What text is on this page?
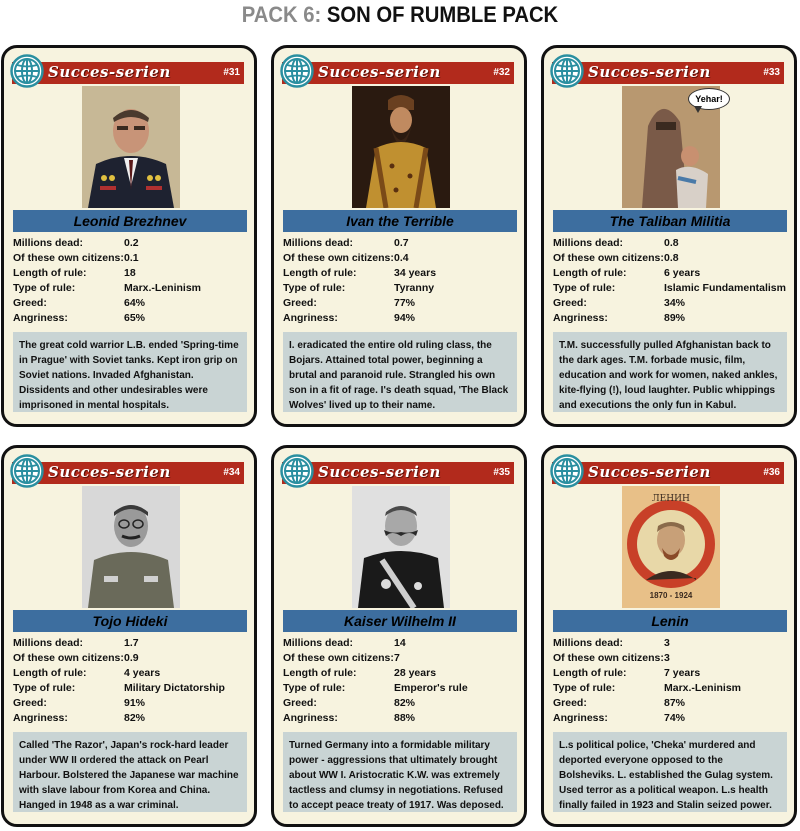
PACK 6: SON OF RUMBLE PACK
Succes-serien	#31
Leonid Brezhnev
Millions dead:	0.2
Of these own citizens: 0.1
Length of rule:	18
Type of rule:	Marx.-Leninism
Greed:	64%
Angriness:	65%
The great cold warrior L.B. ended 'Spring-time in Prague' with Soviet tanks. Kept iron grip on Soviet nations. Invaded Afghanistan. Dissidents and other undesirables were imprisoned in mental hospitals.
Succes-serien	#32
Ivan the Terrible
Millions dead:	0.7
Of these own citizens: 0.4
Length of rule:	34 years
Type of rule:	Tyranny
Greed:	77%
Angriness:	94%
I. eradicated the entire old ruling class, the Bojars. Attained total power, beginning a brutal and paranoid rule. Strangled his own son in a fit of rage. I's death squad, 'The Black Wolves' lived up to their name.
Succes-serien	#33
Yehar!
The Taliban Militia
Millions dead:	0.8
Of these own citizens: 0.8
Length of rule:	6 years
Type of rule:	Islamic Fundamentalism
Greed:	34%
Angriness:	89%
T.M. successfully pulled Afghanistan back to the dark ages. T.M. forbade music, film, education and work for women, naked ankles, kite-flying (!), loud laughter. Public whippings and executions the only fun in Kabul.
Succes-serien	#34
Tojo Hideki
Millions dead:	1.7
Of these own citizens: 0.9
Length of rule:	4 years
Type of rule:	Military Dictatorship
Greed:	91%
Angriness:	82%
Called 'The Razor', Japan's rock-hard leader under WW II ordered the attack on Pearl Harbour. Bolstered the Japanese war machine with slave labour from Korea and China. Hanged in 1948 as a war criminal.
Succes-serien	#35
Kaiser Wilhelm II
Millions dead:	14
Of these own citizens: 7
Length of rule:	28 years
Type of rule:	Emperor's rule
Greed:	82%
Angriness:	88%
Turned Germany into a formidable military power - aggressions that ultimately brought about WW I. Aristocratic K.W. was extremely tactless and clumsy in negotiations. Refused to accept peace treaty of 1917. Was deposed.
Succes-serien	#36
ЛЕНИН
1870 - 1924
Lenin
Millions dead:	3
Of these own citizens: 3
Length of rule:	7 years
Type of rule:	Marx.-Leninism
Greed:	87%
Angriness:	74%
L.s political police, 'Cheka' murdered and deported everyone opposed to the Bolsheviks. L. established the Gulag system. Used terror as a political weapon. L.s health finally failed in 1923 and Stalin seized power.
